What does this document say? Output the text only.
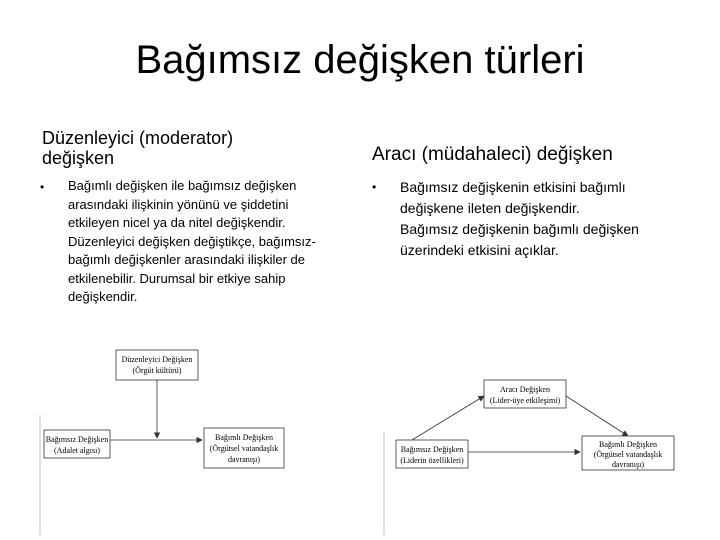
Bağımsız değişken türleri
Düzenleyici (moderator)
değişken
•	Bağımlı değişken ile bağımsız değişken
arasındaki ilişkinin yönünü ve şiddetini
etkileyen nicel ya da nitel değişkendir.
Düzenleyici değişken değiştikçe, bağımsız-
bağımlı değişkenler arasındaki ilişkiler de
etkilenebilir. Durumsal bir etkiye sahip
değişkendir.
Aracı (müdahaleci) değişken
•	Bağımsız değişkenin etkisini bağımlı
değişkene ileten değişkendir.
Bağımsız değişkenin bağımlı değişken
üzerindeki etkisini açıklar.
Düzenleyici Değişken
(Örgüt kültürü)
Bağımsız Değişken
(Adalet algısı)
Bağımlı Değişken
(Örgütsel vatandaşlık
davranışı)
Aracı Değişken
(Lider-üye etkileşimi)
Bağımsız Değişken
(Liderin özellikleri)
Bağımlı Değişken
(Örgütsel vatandaşlık
davranışı)
